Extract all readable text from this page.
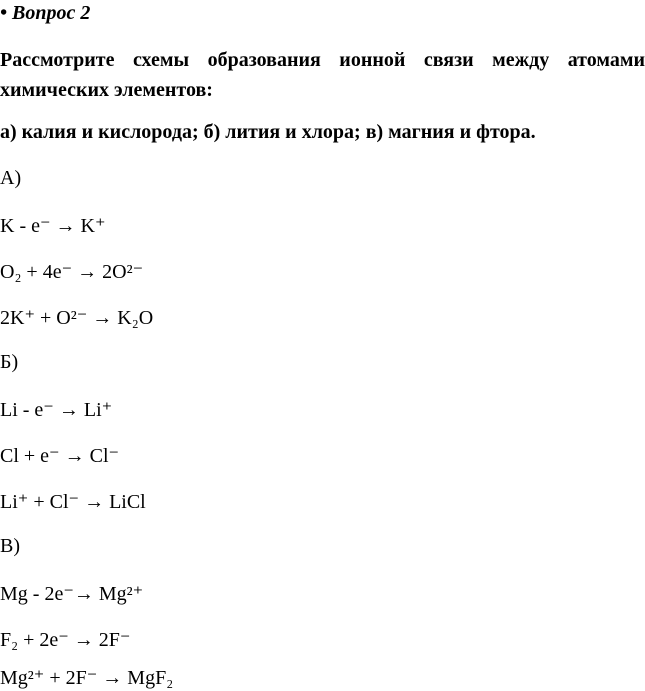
• Вопрос 2
Рассмотрите схемы образования ионной связи между атомами
химических элементов:
а) калия и кислорода; б) лития и хлора; в) магния и фтора.
А)
K - e⁻ → K⁺
O₂ + 4e⁻ → 2O²⁻
2K⁺ + O²⁻ → K₂O
Б)
Li - e⁻ → Li⁺
Cl + e⁻ → Cl⁻
Li⁺ + Cl⁻ → LiCl
В)
Mg - 2e⁻→ Mg²⁺
F₂ + 2e⁻ → 2F⁻
Mg²⁺ + 2F⁻ → MgF₂
